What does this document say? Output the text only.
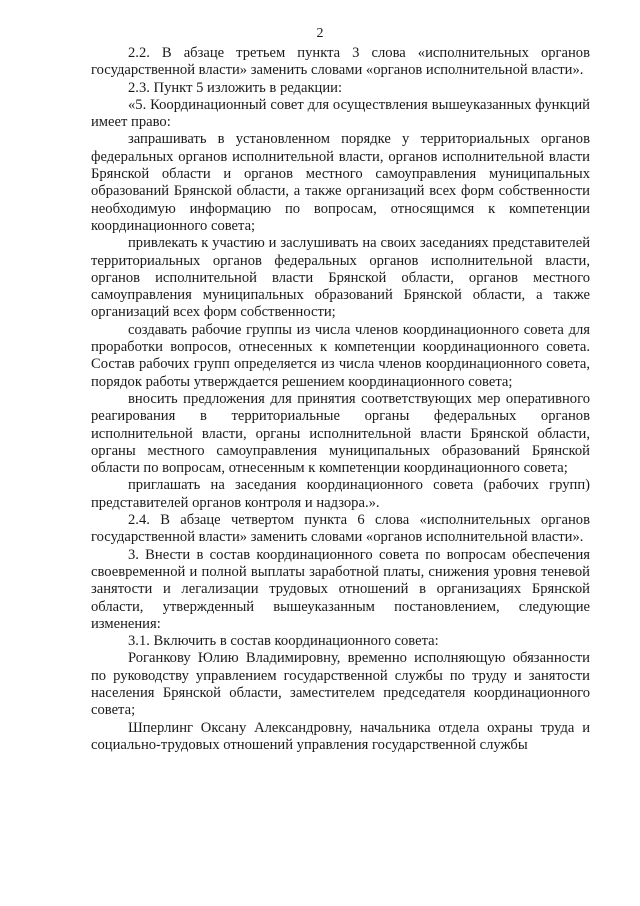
2

2.2. В абзаце третьем пункта 3 слова «исполнительных органов государственной власти» заменить словами «органов исполнительной власти».

2.3. Пункт 5 изложить в редакции:

«5. Координационный совет для осуществления вышеуказанных функций имеет право:

запрашивать в установленном порядке у территориальных органов федеральных органов исполнительной власти, органов исполнительной власти Брянской области и органов местного самоуправления муниципальных образований Брянской области, а также организаций всех форм собственности необходимую информацию по вопросам, относящимся к компетенции координационного совета;

привлекать к участию и заслушивать на своих заседаниях представителей территориальных органов федеральных органов исполнительной власти, органов исполнительной власти Брянской области, органов местного самоуправления муниципальных образований Брянской области, а также организаций всех форм собственности;

создавать рабочие группы из числа членов координационного совета для проработки вопросов, отнесенных к компетенции координационного совета. Состав рабочих групп определяется из числа членов координационного совета, порядок работы утверждается решением координационного совета;

вносить предложения для принятия соответствующих мер оперативного реагирования в территориальные органы федеральных органов исполнительной власти, органы исполнительной власти Брянской области, органы местного самоуправления муниципальных образований Брянской области по вопросам, отнесенным к компетенции координационного совета;

приглашать на заседания координационного совета (рабочих групп) представителей органов контроля и надзора.».

2.4. В абзаце четвертом пункта 6 слова «исполнительных органов государственной власти» заменить словами «органов исполнительной власти».

3. Внести в состав координационного совета по вопросам обеспечения своевременной и полной выплаты заработной платы, снижения уровня теневой занятости и легализации трудовых отношений в организациях Брянской области, утвержденный вышеуказанным постановлением, следующие изменения:

3.1. Включить в состав координационного совета:

Роганкову Юлию Владимировну, временно исполняющую обязанности по руководству управлением государственной службы по труду и занятости населения Брянской области, заместителем председателя координационного совета;

Шперлинг Оксану Александровну, начальника отдела охраны труда и социально-трудовых отношений управления государственной службы
